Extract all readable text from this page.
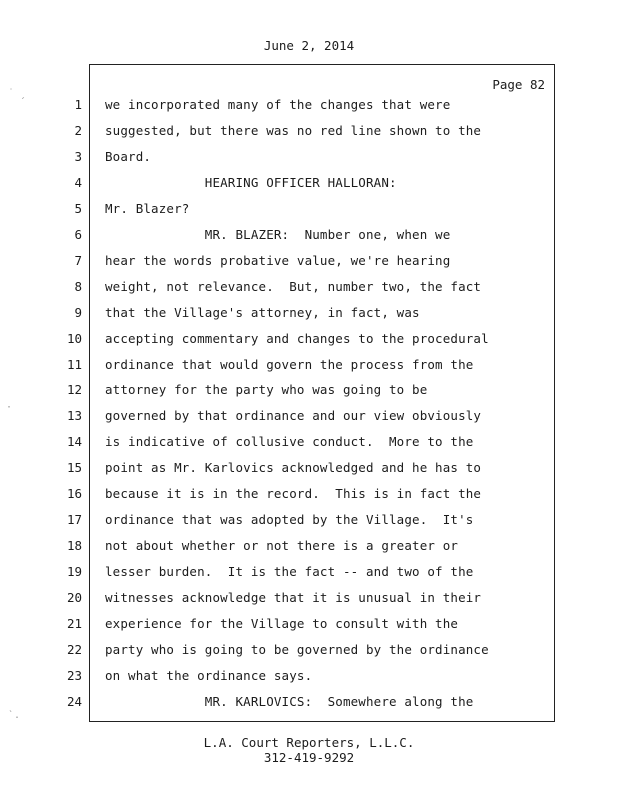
June 2, 2014
Page 82
1 we incorporated many of the changes that were
2 suggested, but there was no red line shown to the
3 Board.
4 HEARING OFFICER HALLORAN:
5 Mr. Blazer?
6 MR. BLAZER:  Number one, when we
7 hear the words probative value, we're hearing
8 weight, not relevance.  But, number two, the fact
9 that the Village's attorney, in fact, was
10 accepting commentary and changes to the procedural
11 ordinance that would govern the process from the
12 attorney for the party who was going to be
13 governed by that ordinance and our view obviously
14 is indicative of collusive conduct.  More to the
15 point as Mr. Karlovics acknowledged and he has to
16 because it is in the record.  This is in fact the
17 ordinance that was adopted by the Village.  It's
18 not about whether or not there is a greater or
19 lesser burden.  It is the fact -- and two of the
20 witnesses acknowledge that it is unusual in their
21 experience for the Village to consult with the
22 party who is going to be governed by the ordinance
23 on what the ordinance says.
24 MR. KARLOVICS:  Somewhere along the
L.A. Court Reporters, L.L.C.
312-419-9292
˙ ˏ
·
ˋ.
